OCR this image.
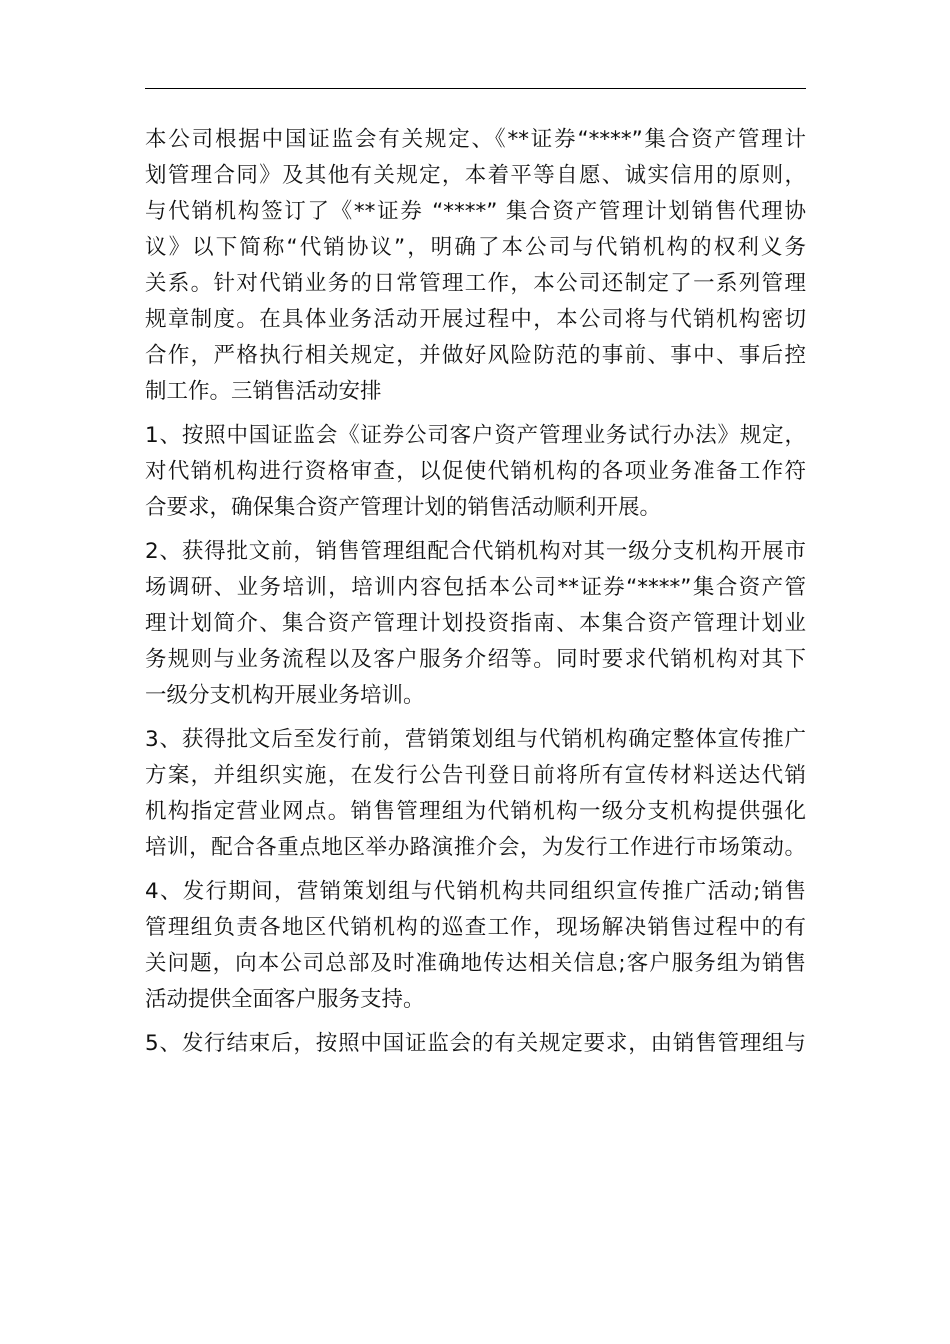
本公司根据中国证监会有关规定、《**证券“****”集合资产管理计

划管理合同》及其他有关规定，本着平等自愿、诚实信用的原则，

与代销机构签订了《**证券 “****” 集合资产管理计划销售代理协

议》以下简称“代销协议”，明确了本公司与代销机构的权利义务

关系。针对代销业务的日常管理工作，本公司还制定了一系列管理

规章制度。在具体业务活动开展过程中，本公司将与代销机构密切

合作，严格执行相关规定，并做好风险防范的事前、事中、事后控

制工作。三销售活动安排

1、按照中国证监会《证券公司客户资产管理业务试行办法》规定，

对代销机构进行资格审查，以促使代销机构的各项业务准备工作符

合要求，确保集合资产管理计划的销售活动顺利开展。

2、获得批文前，销售管理组配合代销机构对其一级分支机构开展市

场调研、业务培训，培训内容包括本公司**证券“****”集合资产管

理计划简介、集合资产管理计划投资指南、本集合资产管理计划业

务规则与业务流程以及客户服务介绍等。同时要求代销机构对其下

一级分支机构开展业务培训。

3、获得批文后至发行前，营销策划组与代销机构确定整体宣传推广

方案，并组织实施，在发行公告刊登日前将所有宣传材料送达代销

机构指定营业网点。销售管理组为代销机构一级分支机构提供强化

培训，配合各重点地区举办路演推介会，为发行工作进行市场策动。

4、发行期间，营销策划组与代销机构共同组织宣传推广活动;销售

管理组负责各地区代销机构的巡查工作，现场解决销售过程中的有

关问题，向本公司总部及时准确地传达相关信息;客户服务组为销售

活动提供全面客户服务支持。

5、发行结束后，按照中国证监会的有关规定要求，由销售管理组与
